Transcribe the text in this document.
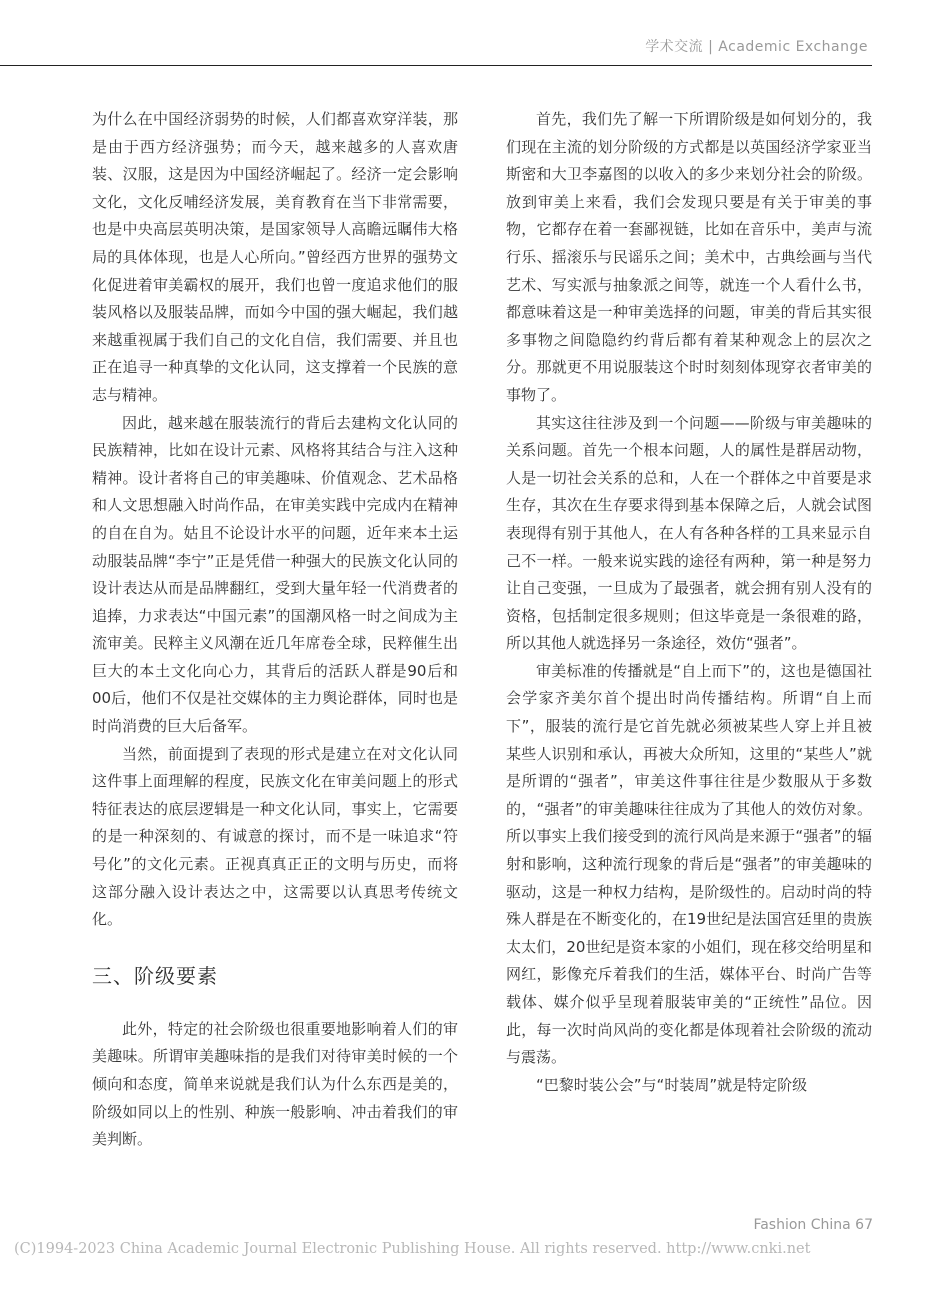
学术交流 | Academic Exchange

为什么在中国经济弱势的时候，人们都喜欢穿洋装，那是由于西方经济强势；而今天，越来越多的人喜欢唐装、汉服，这是因为中国经济崛起了。经济一定会影响文化，文化反哺经济发展，美育教育在当下非常需要，也是中央高层英明决策，是国家领导人高瞻远瞩伟大格局的具体体现，也是人心所向。”曾经西方世界的强势文化促进着审美霸权的展开，我们也曾一度追求他们的服装风格以及服装品牌，而如今中国的强大崛起，我们越来越重视属于我们自己的文化自信，我们需要、并且也正在追寻一种真挚的文化认同，这支撑着一个民族的意志与精神。

因此，越来越在服装流行的背后去建构文化认同的民族精神，比如在设计元素、风格将其结合与注入这种精神。设计者将自己的审美趣味、价值观念、艺术品格和人文思想融入时尚作品，在审美实践中完成内在精神的自在自为。姑且不论设计水平的问题，近年来本土运动服装品牌“李宁”正是凭借一种强大的民族文化认同的设计表达从而是品牌翻红，受到大量年轻一代消费者的追捧，力求表达“中国元素”的国潮风格一时之间成为主流审美。民粹主义风潮在近几年席卷全球，民粹催生出巨大的本土文化向心力，其背后的活跃人群是90后和00后，他们不仅是社交媒体的主力舆论群体，同时也是时尚消费的巨大后备军。

当然，前面提到了表现的形式是建立在对文化认同这件事上面理解的程度，民族文化在审美问题上的形式特征表达的底层逻辑是一种文化认同，事实上，它需要的是一种深刻的、有诚意的探讨，而不是一味追求“符号化”的文化元素。正视真真正正的文明与历史，而将这部分融入设计表达之中，这需要以认真思考传统文化。

三、阶级要素

此外，特定的社会阶级也很重要地影响着人们的审美趣味。所谓审美趣味指的是我们对待审美时候的一个倾向和态度，简单来说就是我们认为什么东西是美的，阶级如同以上的性别、种族一般影响、冲击着我们的审美判断。

首先，我们先了解一下所谓阶级是如何划分的，我们现在主流的划分阶级的方式都是以英国经济学家亚当斯密和大卫李嘉图的以收入的多少来划分社会的阶级。放到审美上来看，我们会发现只要是有关于审美的事物，它都存在着一套鄙视链，比如在音乐中，美声与流行乐、摇滚乐与民谣乐之间；美术中，古典绘画与当代艺术、写实派与抽象派之间等，就连一个人看什么书，都意味着这是一种审美选择的问题，审美的背后其实很多事物之间隐隐约约背后都有着某种观念上的层次之分。那就更不用说服装这个时时刻刻体现穿衣者审美的事物了。

其实这往往涉及到一个问题——阶级与审美趣味的关系问题。首先一个根本问题，人的属性是群居动物，人是一切社会关系的总和，人在一个群体之中首要是求生存，其次在生存要求得到基本保障之后，人就会试图表现得有别于其他人，在人有各种各样的工具来显示自己不一样。一般来说实践的途径有两种，第一种是努力让自己变强，一旦成为了最强者，就会拥有别人没有的资格，包括制定很多规则；但这毕竟是一条很难的路，所以其他人就选择另一条途径，效仿“强者”。

审美标准的传播就是“自上而下”的，这也是德国社会学家齐美尔首个提出时尚传播结构。所谓“自上而下”，服装的流行是它首先就必须被某些人穿上并且被某些人识别和承认，再被大众所知，这里的“某些人”就是所谓的“强者”，审美这件事往往是少数服从于多数的，“强者”的审美趣味往往成为了其他人的效仿对象。所以事实上我们接受到的流行风尚是来源于“强者”的辐射和影响，这种流行现象的背后是“强者”的审美趣味的驱动，这是一种权力结构，是阶级性的。启动时尚的特殊人群是在不断变化的，在19世纪是法国宫廷里的贵族太太们，20世纪是资本家的小姐们，现在移交给明星和网红，影像充斥着我们的生活，媒体平台、时尚广告等载体、媒介似乎呈现着服装审美的“正统性”品位。因此，每一次时尚风尚的变化都是体现着社会阶级的流动与震荡。

“巴黎时装公会”与“时装周”就是特定阶级

Fashion China 67
(C)1994-2023 China Academic Journal Electronic Publishing House. All rights reserved. http://www.cnki.net
